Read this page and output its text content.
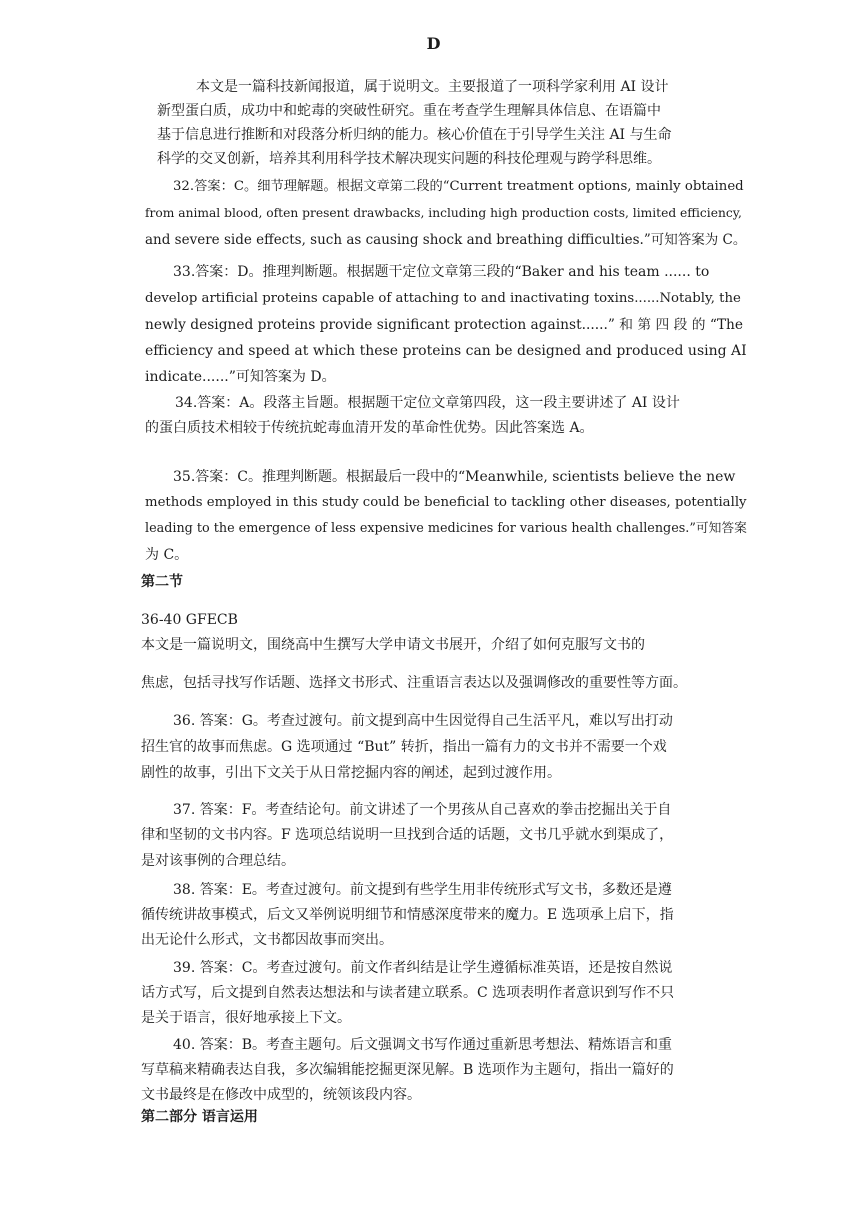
D
本文是一篇科技新闻报道，属于说明文。主要报道了一项科学家利用 AI 设计
新型蛋白质，成功中和蛇毒的突破性研究。重在考查学生理解具体信息、在语篇中
基于信息进行推断和对段落分析归纳的能力。核心价值在于引导学生关注 AI 与生命
科学的交叉创新，培养其利用科学技术解决现实问题的科技伦理观与跨学科思维。
32.答案：C。细节理解题。根据文章第二段的“Current treatment options, mainly obtained
from animal blood, often present drawbacks, including high production costs, limited efficiency,
and severe side effects, such as causing shock and breathing difficulties.”可知答案为 C。
33.答案：D。推理判断题。根据题干定位文章第三段的“Baker and his team ...... to
develop artificial proteins capable of attaching to and inactivating toxins......Notably, the
newly designed proteins provide significant protection against......” 和 第 四 段 的 “The
efficiency and speed at which these proteins can be designed and produced using AI
indicate......”可知答案为 D。
34.答案：A。段落主旨题。根据题干定位文章第四段，这一段主要讲述了 AI 设计
的蛋白质技术相较于传统抗蛇毒血清开发的革命性优势。因此答案选 A。
35.答案：C。推理判断题。根据最后一段中的“Meanwhile, scientists believe the new
methods employed in this study could be beneficial to tackling other diseases, potentially
leading to the emergence of less expensive medicines for various health challenges.”可知答案
为 C。
第二节
36-40 GFECB
本文是一篇说明文，围绕高中生撰写大学申请文书展开，介绍了如何克服写文书的
焦虑，包括寻找写作话题、选择文书形式、注重语言表达以及强调修改的重要性等方面。
36. 答案：G。考查过渡句。前文提到高中生因觉得自己生活平凡，难以写出打动
招生官的故事而焦虑。G 选项通过 “But” 转折，指出一篇有力的文书并不需要一个戏
剧性的故事，引出下文关于从日常挖掘内容的阐述，起到过渡作用。
37. 答案：F。考查结论句。前文讲述了一个男孩从自己喜欢的拳击挖掘出关于自
律和坚韧的文书内容。F 选项总结说明一旦找到合适的话题，文书几乎就水到渠成了，
是对该事例的合理总结。
38. 答案：E。考查过渡句。前文提到有些学生用非传统形式写文书，多数还是遵
循传统讲故事模式，后文又举例说明细节和情感深度带来的魔力。E 选项承上启下，指
出无论什么形式，文书都因故事而突出。
39. 答案：C。考查过渡句。前文作者纠结是让学生遵循标准英语，还是按自然说
话方式写，后文提到自然表达想法和与读者建立联系。C 选项表明作者意识到写作不只
是关于语言，很好地承接上下文。
40. 答案：B。考查主题句。后文强调文书写作通过重新思考想法、精炼语言和重
写草稿来精确表达自我，多次编辑能挖掘更深见解。B 选项作为主题句，指出一篇好的
文书最终是在修改中成型的，统领该段内容。
第二部分 语言运用
